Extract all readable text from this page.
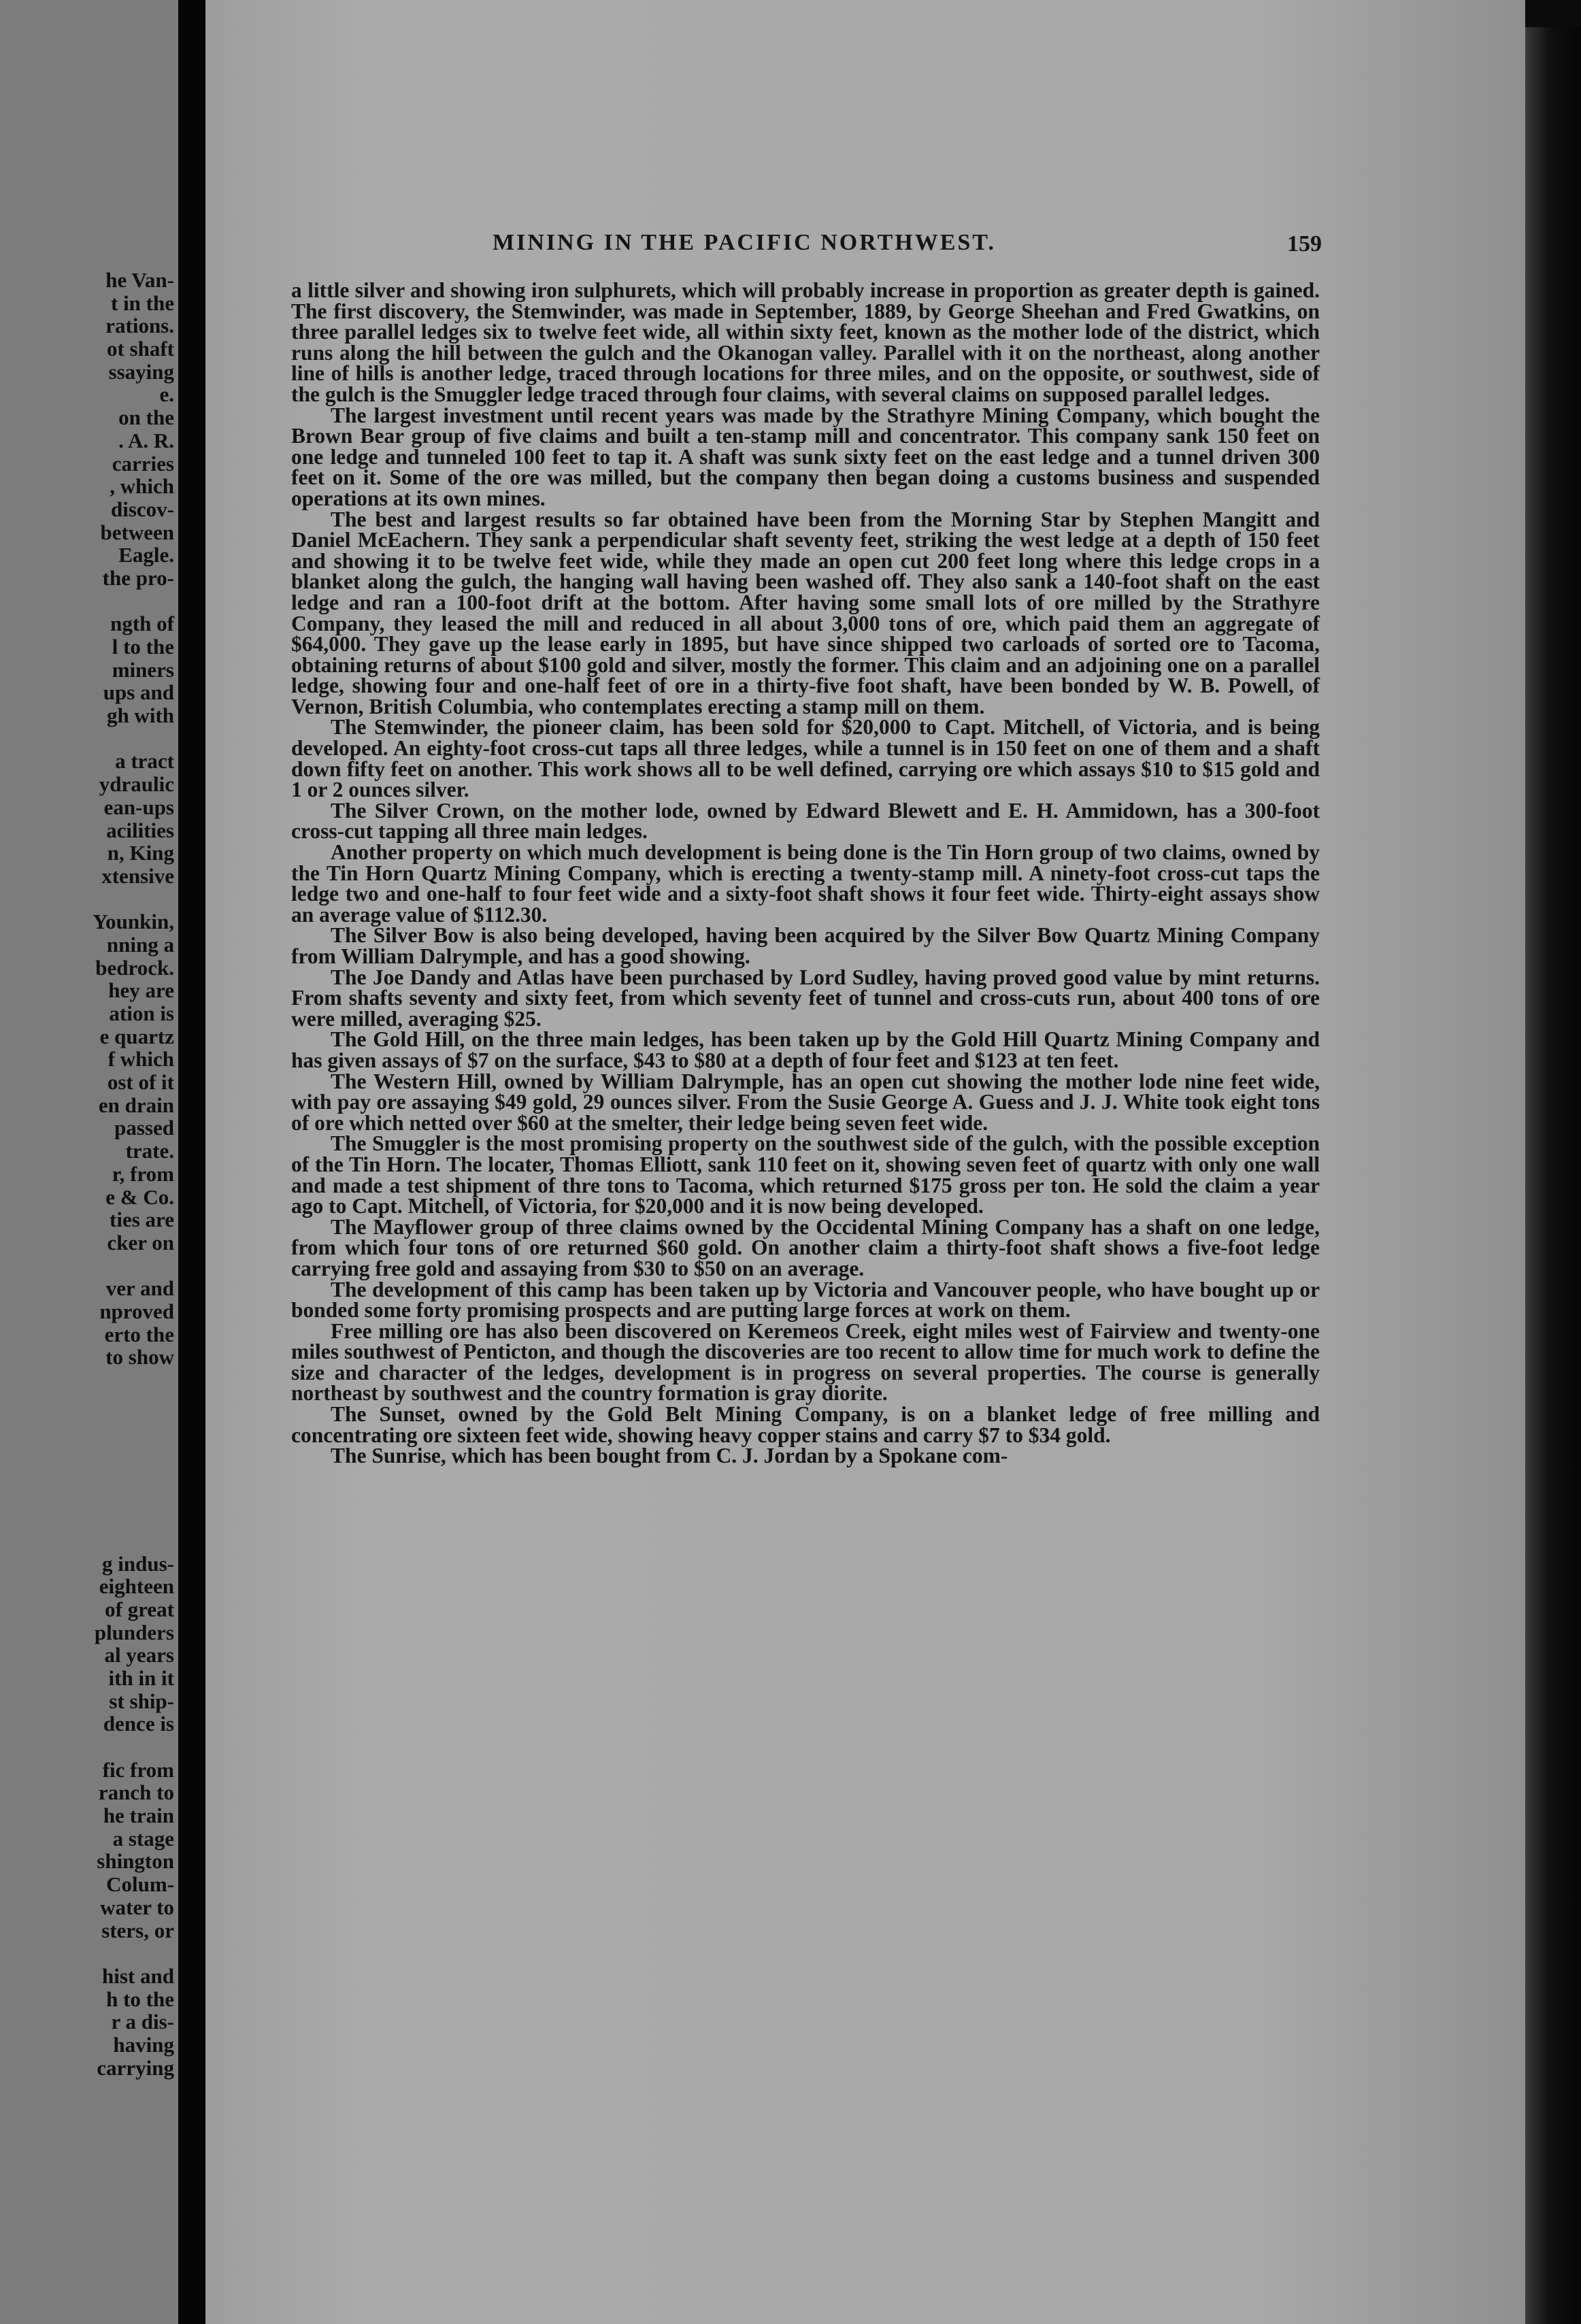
he Van-
t in the
rations.
ot shaft
ssaying
e.
on the
. A. R.
carries
, which
discov-
between
Eagle.
the pro-
ngth of
l to the
miners
ups and
gh with
a tract
ydraulic
ean-ups
acilities
n, King
xtensive
Younkin,
nning a
bedrock.
hey are
ation is
e quartz
f which
ost of it
en drain
passed
trate.
r, from
e & Co.
ties are
cker on
ver and
nproved
erto the
to show
g indus-
eighteen
of great
plunders
al years
ith in it
st ship-
dence is
fic from
ranch to
he train
a stage
shington
Colum-
water to
sters, or
hist and
h to the
r a dis-
having
carrying
MINING IN THE PACIFIC NORTHWEST.	159

a little silver and showing iron sulphurets, which will probably increase in proportion as greater depth is gained. The first discovery, the Stemwinder, was made in September, 1889, by George Sheehan and Fred Gwatkins, on three parallel ledges six to twelve feet wide, all within sixty feet, known as the mother lode of the district, which runs along the hill between the gulch and the Okanogan valley. Parallel with it on the northeast, along another line of hills is another ledge, traced through locations for three miles, and on the opposite, or southwest, side of the gulch is the Smuggler ledge traced through four claims, with several claims on supposed parallel ledges.

The largest investment until recent years was made by the Strathyre Mining Company, which bought the Brown Bear group of five claims and built a ten-stamp mill and concentrator. This company sank 150 feet on one ledge and tunneled 100 feet to tap it. A shaft was sunk sixty feet on the east ledge and a tunnel driven 300 feet on it. Some of the ore was milled, but the company then began doing a customs business and suspended operations at its own mines.

The best and largest results so far obtained have been from the Morning Star by Stephen Mangitt and Daniel McEachern. They sank a perpendicular shaft seventy feet, striking the west ledge at a depth of 150 feet and showing it to be twelve feet wide, while they made an open cut 200 feet long where this ledge crops in a blanket along the gulch, the hanging wall having been washed off. They also sank a 140-foot shaft on the east ledge and ran a 100-foot drift at the bottom. After having some small lots of ore milled by the Strathyre Company, they leased the mill and reduced in all about 3,000 tons of ore, which paid them an aggregate of $64,000. They gave up the lease early in 1895, but have since shipped two carloads of sorted ore to Tacoma, obtaining returns of about $100 gold and silver, mostly the former. This claim and an adjoining one on a parallel ledge, showing four and one-half feet of ore in a thirty-five foot shaft, have been bonded by W. B. Powell, of Vernon, British Columbia, who contemplates erecting a stamp mill on them.

The Stemwinder, the pioneer claim, has been sold for $20,000 to Capt. Mitchell, of Victoria, and is being developed. An eighty-foot cross-cut taps all three ledges, while a tunnel is in 150 feet on one of them and a shaft down fifty feet on another. This work shows all to be well defined, carrying ore which assays $10 to $15 gold and 1 or 2 ounces silver.

The Silver Crown, on the mother lode, owned by Edward Blewett and E. H. Ammidown, has a 300-foot cross-cut tapping all three main ledges.

Another property on which much development is being done is the Tin Horn group of two claims, owned by the Tin Horn Quartz Mining Company, which is erecting a twenty-stamp mill. A ninety-foot cross-cut taps the ledge two and one-half to four feet wide and a sixty-foot shaft shows it four feet wide. Thirty-eight assays show an average value of $112.30.

The Silver Bow is also being developed, having been acquired by the Silver Bow Quartz Mining Company from William Dalrymple, and has a good showing.

The Joe Dandy and Atlas have been purchased by Lord Sudley, having proved good value by mint returns. From shafts seventy and sixty feet, from which seventy feet of tunnel and cross-cuts run, about 400 tons of ore were milled, averaging $25.

The Gold Hill, on the three main ledges, has been taken up by the Gold Hill Quartz Mining Company and has given assays of $7 on the surface, $43 to $80 at a depth of four feet and $123 at ten feet.

The Western Hill, owned by William Dalrymple, has an open cut showing the mother lode nine feet wide, with pay ore assaying $49 gold, 29 ounces silver. From the Susie George A. Guess and J. J. White took eight tons of ore which netted over $60 at the smelter, their ledge being seven feet wide.

The Smuggler is the most promising property on the southwest side of the gulch, with the possible exception of the Tin Horn. The locater, Thomas Elliott, sank 110 feet on it, showing seven feet of quartz with only one wall and made a test shipment of thre tons to Tacoma, which returned $175 gross per ton. He sold the claim a year ago to Capt. Mitchell, of Victoria, for $20,000 and it is now being developed.

The Mayflower group of three claims owned by the Occidental Mining Company has a shaft on one ledge, from which four tons of ore returned $60 gold. On another claim a thirty-foot shaft shows a five-foot ledge carrying free gold and assaying from $30 to $50 on an average.

The development of this camp has been taken up by Victoria and Vancouver people, who have bought up or bonded some forty promising prospects and are putting large forces at work on them.

Free milling ore has also been discovered on Keremeos Creek, eight miles west of Fairview and twenty-one miles southwest of Penticton, and though the discoveries are too recent to allow time for much work to define the size and character of the ledges, development is in progress on several properties. The course is generally northeast by southwest and the country formation is gray diorite.

The Sunset, owned by the Gold Belt Mining Company, is on a blanket ledge of free milling and concentrating ore sixteen feet wide, showing heavy copper stains and carry $7 to $34 gold.

The Sunrise, which has been bought from C. J. Jordan by a Spokane com-
